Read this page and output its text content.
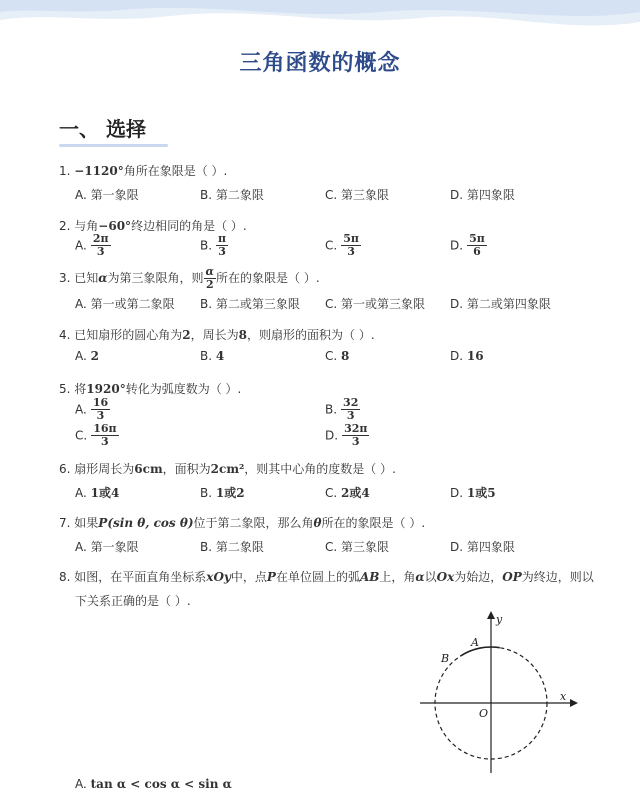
三角函数的概念
一、 选择
1. −1120°角所在象限是（ ）.
A. 第一象限	B. 第二象限	C. 第三象限	D. 第四象限
2. 与角−60°终边相同的角是（ ）.
A. $\frac{2\pi}{3}$	B. $\frac{\pi}{3}$	C. $\frac{5\pi}{3}$	D. $\frac{5\pi}{6}$
3. 已知α为第三象限角，则 $\frac{\alpha}{2}$ 所在的象限是（ ）.
A. 第一或第二象限 B. 第二或第三象限 C. 第一或第三象限 D. 第二或第四象限
4. 已知扇形的圆心角为2，周长为8，则扇形的面积为（ ）.
A. 2	B. 4	C. 8	D. 16
5. 将1920°转化为弧度数为（ ）.
A. $\frac{16}{3}$	B. $\frac{32}{3}$
C. $\frac{16\pi}{3}$	D. $\frac{32\pi}{3}$
6. 扇形周长为6cm，面积为2cm²，则其中心角的度数是（ ）.
A. 1或4	B. 1或2	C. 2或4	D. 1或5
7. 如果P(sin θ, cos θ)位于第二象限，那么角θ所在的象限是（ ）.
A. 第一象限	B. 第二象限	C. 第三象限	D. 第四象限
8. 如图，在平面直角坐标系xOy中，点P在单位圆上的弧AB上，角α以Ox为始边，OP为终边，则以
下关系正确的是（ ）.
y
x
O
A
B
A. tan α < cos α < sin α
